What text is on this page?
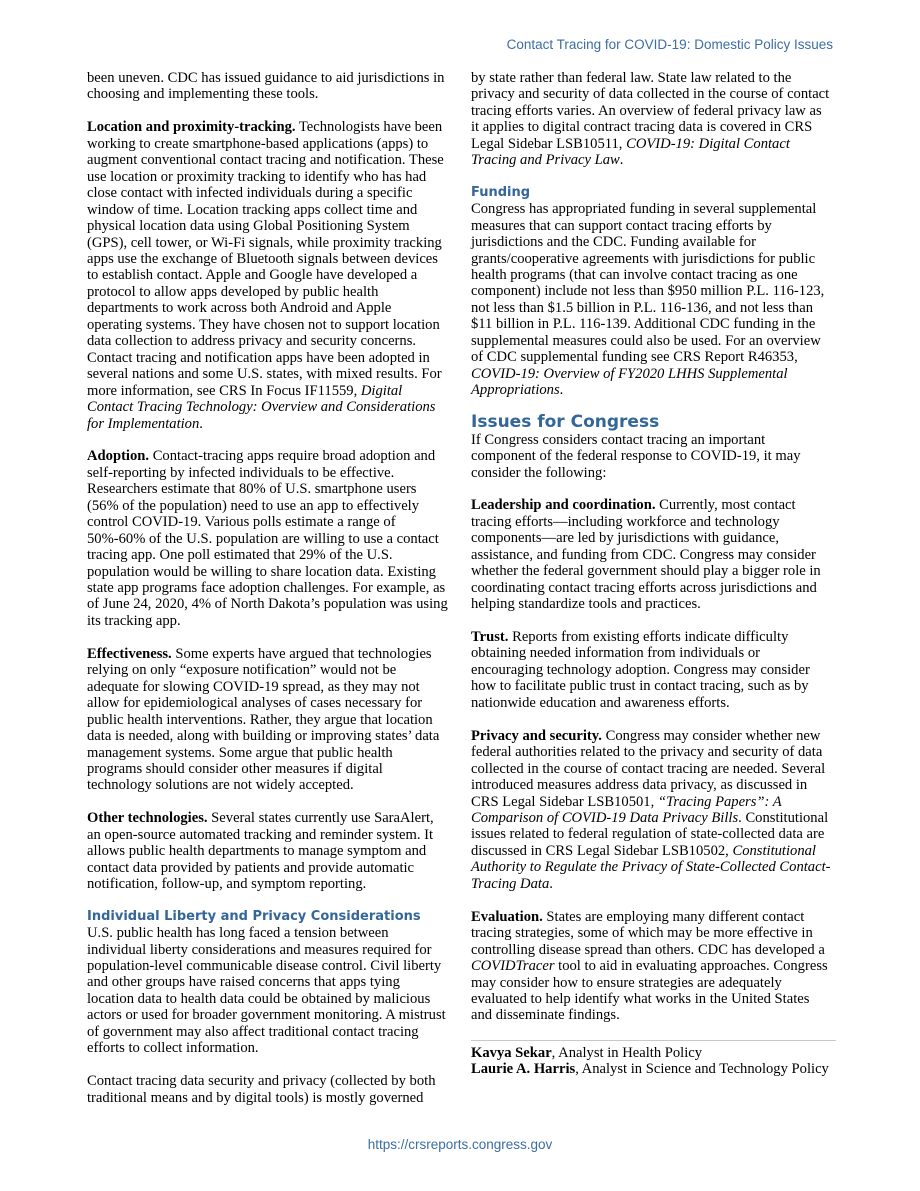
Contact Tracing for COVID-19: Domestic Policy Issues

been uneven. CDC has issued guidance to aid jurisdictions in choosing and implementing these tools.

Location and proximity-tracking. Technologists have been working to create smartphone-based applications (apps) to augment conventional contact tracing and notification. These use location or proximity tracking to identify who has had close contact with infected individuals during a specific window of time. Location tracking apps collect time and physical location data using Global Positioning System (GPS), cell tower, or Wi-Fi signals, while proximity tracking apps use the exchange of Bluetooth signals between devices to establish contact. Apple and Google have developed a protocol to allow apps developed by public health departments to work across both Android and Apple operating systems. They have chosen not to support location data collection to address privacy and security concerns. Contact tracing and notification apps have been adopted in several nations and some U.S. states, with mixed results. For more information, see CRS In Focus IF11559, Digital Contact Tracing Technology: Overview and Considerations for Implementation.

Adoption. Contact-tracing apps require broad adoption and self-reporting by infected individuals to be effective. Researchers estimate that 80% of U.S. smartphone users (56% of the population) need to use an app to effectively control COVID-19. Various polls estimate a range of 50%-60% of the U.S. population are willing to use a contact tracing app. One poll estimated that 29% of the U.S. population would be willing to share location data. Existing state app programs face adoption challenges. For example, as of June 24, 2020, 4% of North Dakota’s population was using its tracking app.

Effectiveness. Some experts have argued that technologies relying on only “exposure notification” would not be adequate for slowing COVID-19 spread, as they may not allow for epidemiological analyses of cases necessary for public health interventions. Rather, they argue that location data is needed, along with building or improving states’ data management systems. Some argue that public health programs should consider other measures if digital technology solutions are not widely accepted.

Other technologies. Several states currently use SaraAlert, an open-source automated tracking and reminder system. It allows public health departments to manage symptom and contact data provided by patients and provide automatic notification, follow-up, and symptom reporting.

Individual Liberty and Privacy Considerations

U.S. public health has long faced a tension between individual liberty considerations and measures required for population-level communicable disease control. Civil liberty and other groups have raised concerns that apps tying location data to health data could be obtained by malicious actors or used for broader government monitoring. A mistrust of government may also affect traditional contact tracing efforts to collect information.

Contact tracing data security and privacy (collected by both traditional means and by digital tools) is mostly governed

by state rather than federal law. State law related to the privacy and security of data collected in the course of contact tracing efforts varies. An overview of federal privacy law as it applies to digital contract tracing data is covered in CRS Legal Sidebar LSB10511, COVID-19: Digital Contact Tracing and Privacy Law.

Funding

Congress has appropriated funding in several supplemental measures that can support contact tracing efforts by jurisdictions and the CDC. Funding available for grants/cooperative agreements with jurisdictions for public health programs (that can involve contact tracing as one component) include not less than $950 million P.L. 116-123, not less than $1.5 billion in P.L. 116-136, and not less than $11 billion in P.L. 116-139. Additional CDC funding in the supplemental measures could also be used. For an overview of CDC supplemental funding see CRS Report R46353, COVID-19: Overview of FY2020 LHHS Supplemental Appropriations.

Issues for Congress

If Congress considers contact tracing an important component of the federal response to COVID-19, it may consider the following:

Leadership and coordination. Currently, most contact tracing efforts—including workforce and technology components—are led by jurisdictions with guidance, assistance, and funding from CDC. Congress may consider whether the federal government should play a bigger role in coordinating contact tracing efforts across jurisdictions and helping standardize tools and practices.

Trust. Reports from existing efforts indicate difficulty obtaining needed information from individuals or encouraging technology adoption. Congress may consider how to facilitate public trust in contact tracing, such as by nationwide education and awareness efforts.

Privacy and security. Congress may consider whether new federal authorities related to the privacy and security of data collected in the course of contact tracing are needed. Several introduced measures address data privacy, as discussed in CRS Legal Sidebar LSB10501, “Tracing Papers”: A Comparison of COVID-19 Data Privacy Bills. Constitutional issues related to federal regulation of state-collected data are discussed in CRS Legal Sidebar LSB10502, Constitutional Authority to Regulate the Privacy of State-Collected Contact-Tracing Data.

Evaluation. States are employing many different contact tracing strategies, some of which may be more effective in controlling disease spread than others. CDC has developed a COVIDTracer tool to aid in evaluating approaches. Congress may consider how to ensure strategies are adequately evaluated to help identify what works in the United States and disseminate findings.

Kavya Sekar, Analyst in Health Policy
Laurie A. Harris, Analyst in Science and Technology Policy
https://crsreports.congress.gov
